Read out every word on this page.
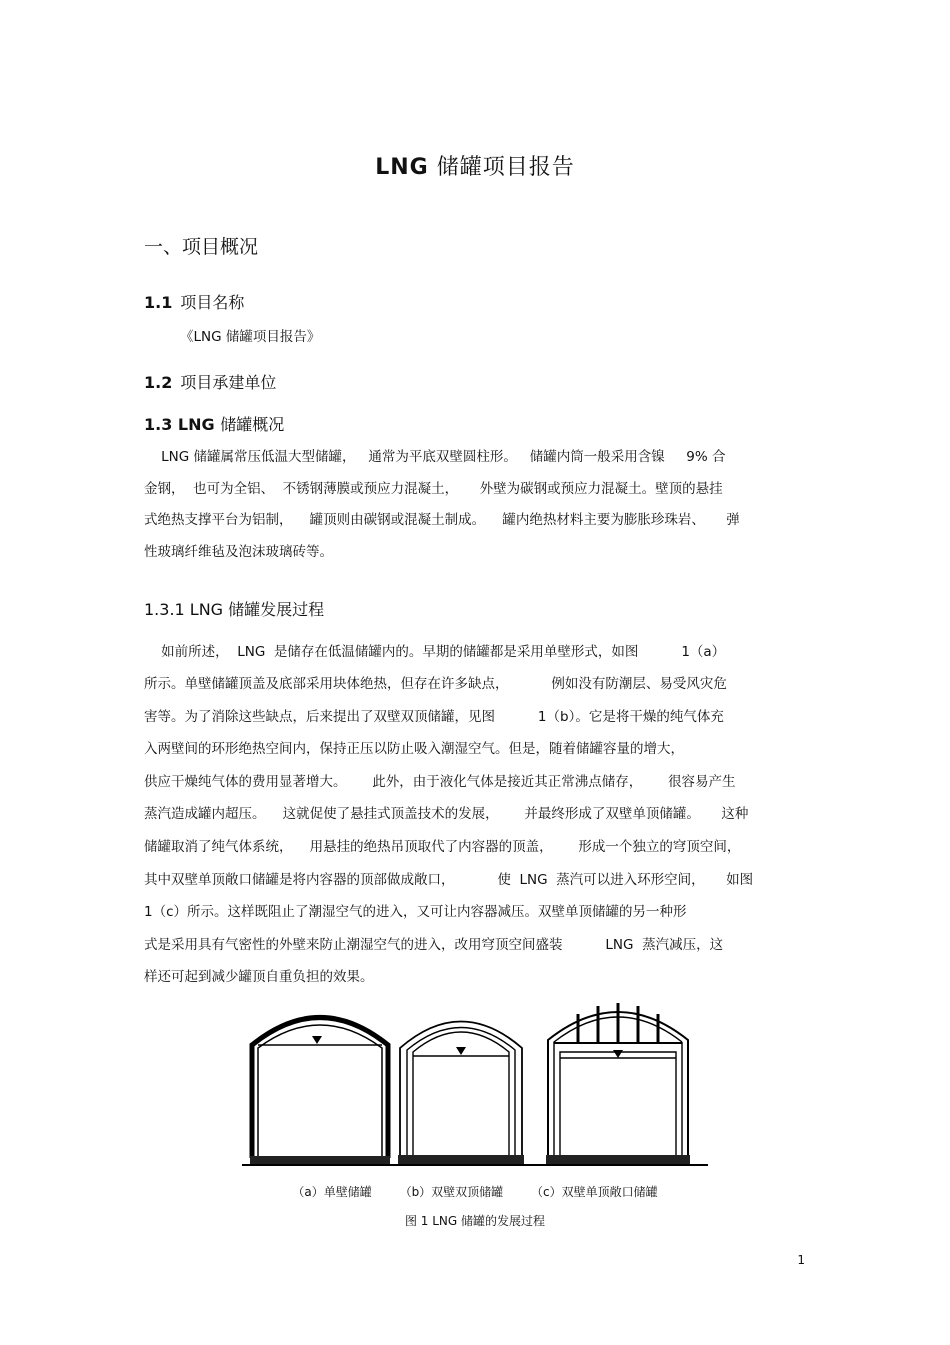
LNG 储罐项目报告
一、项目概况
1.1 项目名称
《LNG 储罐项目报告》
1.2 项目承建单位
1.3 LNG 储罐概况
LNG 储罐属常压低温大型储罐，   通常为平底双壁圆柱形。   储罐内筒一般采用含镍     9% 合
金钢，  也可为全铝、  不锈钢薄膜或预应力混凝土，     外壁为碳钢或预应力混凝土。壁顶的悬挂
式绝热支撑平台为铝制，    罐顶则由碳钢或混凝土制成。    罐内绝热材料主要为膨胀珍珠岩、     弹
性玻璃纤维毡及泡沫玻璃砖等。
1.3.1 LNG 储罐发展过程
如前所述，  LNG  是储存在低温储罐内的。早期的储罐都是采用单壁形式，如图          1（a）
所示。单壁储罐顶盖及底部采用块体绝热，但存在许多缺点，          例如没有防潮层、易受风灾危
害等。为了消除这些缺点，后来提出了双壁双顶储罐，见图          1（b）。它是将干燥的纯气体充
入两壁间的环形绝热空间内，保持正压以防止吸入潮湿空气。但是，随着储罐容量的增大，
供应干燥纯气体的费用显著增大。      此外，由于液化气体是接近其正常沸点储存，      很容易产生
蒸汽造成罐内超压。    这就促使了悬挂式顶盖技术的发展，      并最终形成了双壁单顶储罐。     这种
储罐取消了纯气体系统，    用悬挂的绝热吊顶取代了内容器的顶盖，      形成一个独立的穹顶空间，
其中双壁单顶敞口储罐是将内容器的顶部做成敞口，          使  LNG  蒸汽可以进入环形空间，     如图
1（c）所示。这样既阻止了潮湿空气的进入，又可让内容器减压。双壁单顶储罐的另一种形
式是采用具有气密性的外壁来防止潮湿空气的进入，改用穹顶空间盛装          LNG  蒸汽减压，这
样还可起到减少罐顶自重负担的效果。
（a）单壁储罐 （b）双壁双顶储罐 （c）双壁单顶敞口储罐
图 1 LNG 储罐的发展过程
1
